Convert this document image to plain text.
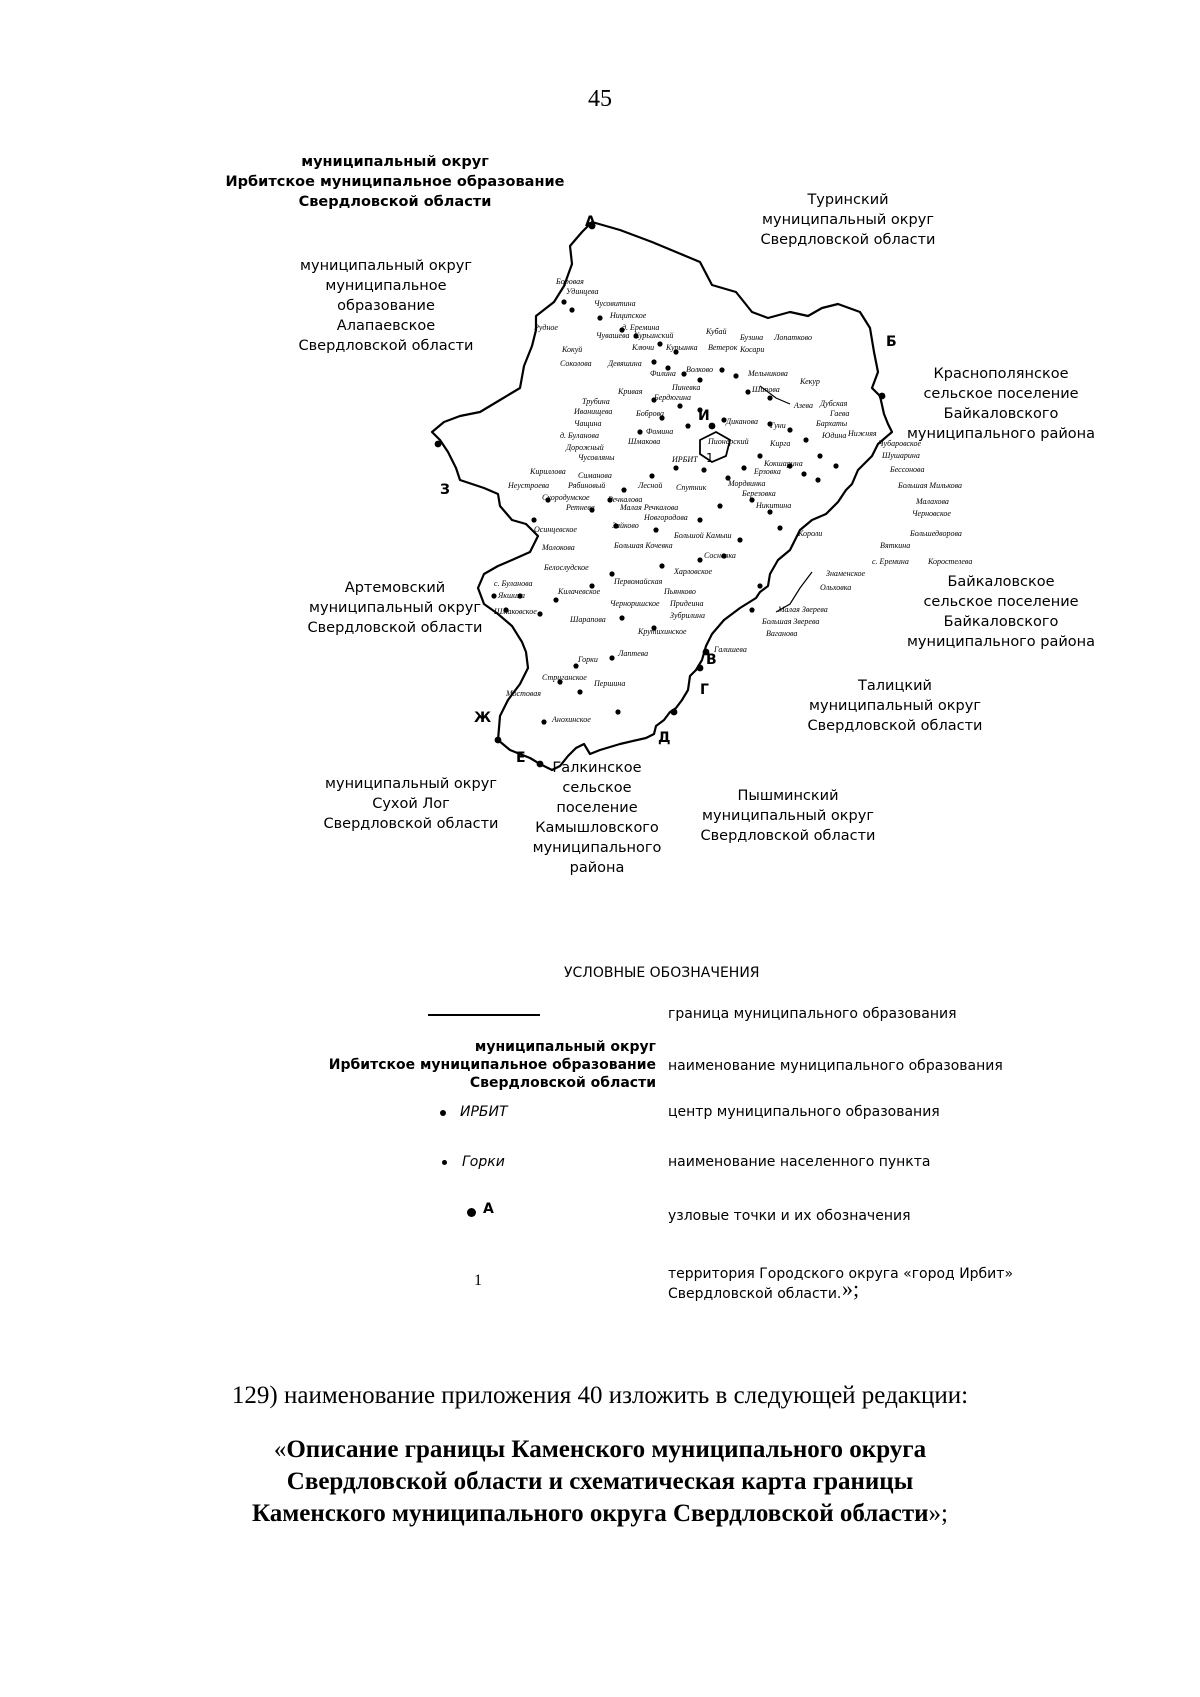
45
Боровая
Удинцева
Чусовитина
Нициnское
д. Еремина
Рудное	Кубай
Чувашева Курьинский	Бузина Лопатково
Кокуй	Ключи Курьинка Ветерок Косари
Соколова Девяшина
Волково
Филина	Мельникова
Кекур
Кривая	Пиневка
Бердюгина
Шипова
Трубина
Иванищева	Боброва
Азева Дубская
Гаева
Чащина	Диканова Гуни	Бархаты
Юдина Нижняя
Чубаровское
д. Буланова	Фомина
Шмакова
Дорожный
Пионерский	Кирга
Шушарина
Чусовляны	ИРБИТ	Кокшарина
Бессонова
Кириллова Симанова
Рябиновый	Лесной Спутник	Мордвинка
Ерзовка
Неустроева
Скородумское Речкалова
Березовка
Большая Милькова
Малахова
Ретнева	Малая Речкалова	Никитина
Черновское
Новгородова
Зайково
Осинцевское
Большой Камыш	Большедворова
Короли
Молокова	Большая Кочевка	Вяткина
Сосновка
с. Еремина Коростелева
Белослудское	Харловское	Знаменское
с. Буланова	Первомайская
Ольховка
Якшина	Килачевское	Пьянково
Шмаковское
Черноришское Придеина
Малая Зверева
Шарапова	Зубрилина
Большая Зверева
Крутихинское	Ваганова
Лаптева	Галишева
Горки
Стриганское
Першина
Мостовая
Анохинское
А
Б
В
Г
Д
Е
Ж
З
И
1
муниципальный округ
Ирбитское муниципальное образование
Свердловской области	Туринский
муниципальный округ
Свердловской области
муниципальный округ
муниципальное
образование
Алапаевское
Свердловской области
Краснополянское
сельское поселение
Байкаловского
муниципального района
Артемовский
муниципальный округ
Свердловской области
Байкаловское
сельское поселение
Байкаловского
муниципального района
Талицкий
муниципальный округ
Свердловской области
муниципальный округ
Сухой Лог
Свердловской области
Галкинское
сельское
поселение
Камышловского
муниципального
района
Пышминский
муниципальный округ
Свердловской области
УСЛОВНЫЕ ОБОЗНАЧЕНИЯ
граница муниципального образования
муниципальный округ
Ирбитское муниципальное образование
Свердловской области
наименование муниципального образования
ИРБИТ	центр муниципального образования
Горки	наименование населенного пункта
А	узловые точки и их обозначения
1	территория Городского округа «город Ирбит»
Свердловской области. »;
129) наименование приложения 40 изложить в следующей редакции:
«Описание границы Каменского муниципального округа
Свердловской области и схематическая карта границы
Каменского муниципального округа Свердловской области»;
